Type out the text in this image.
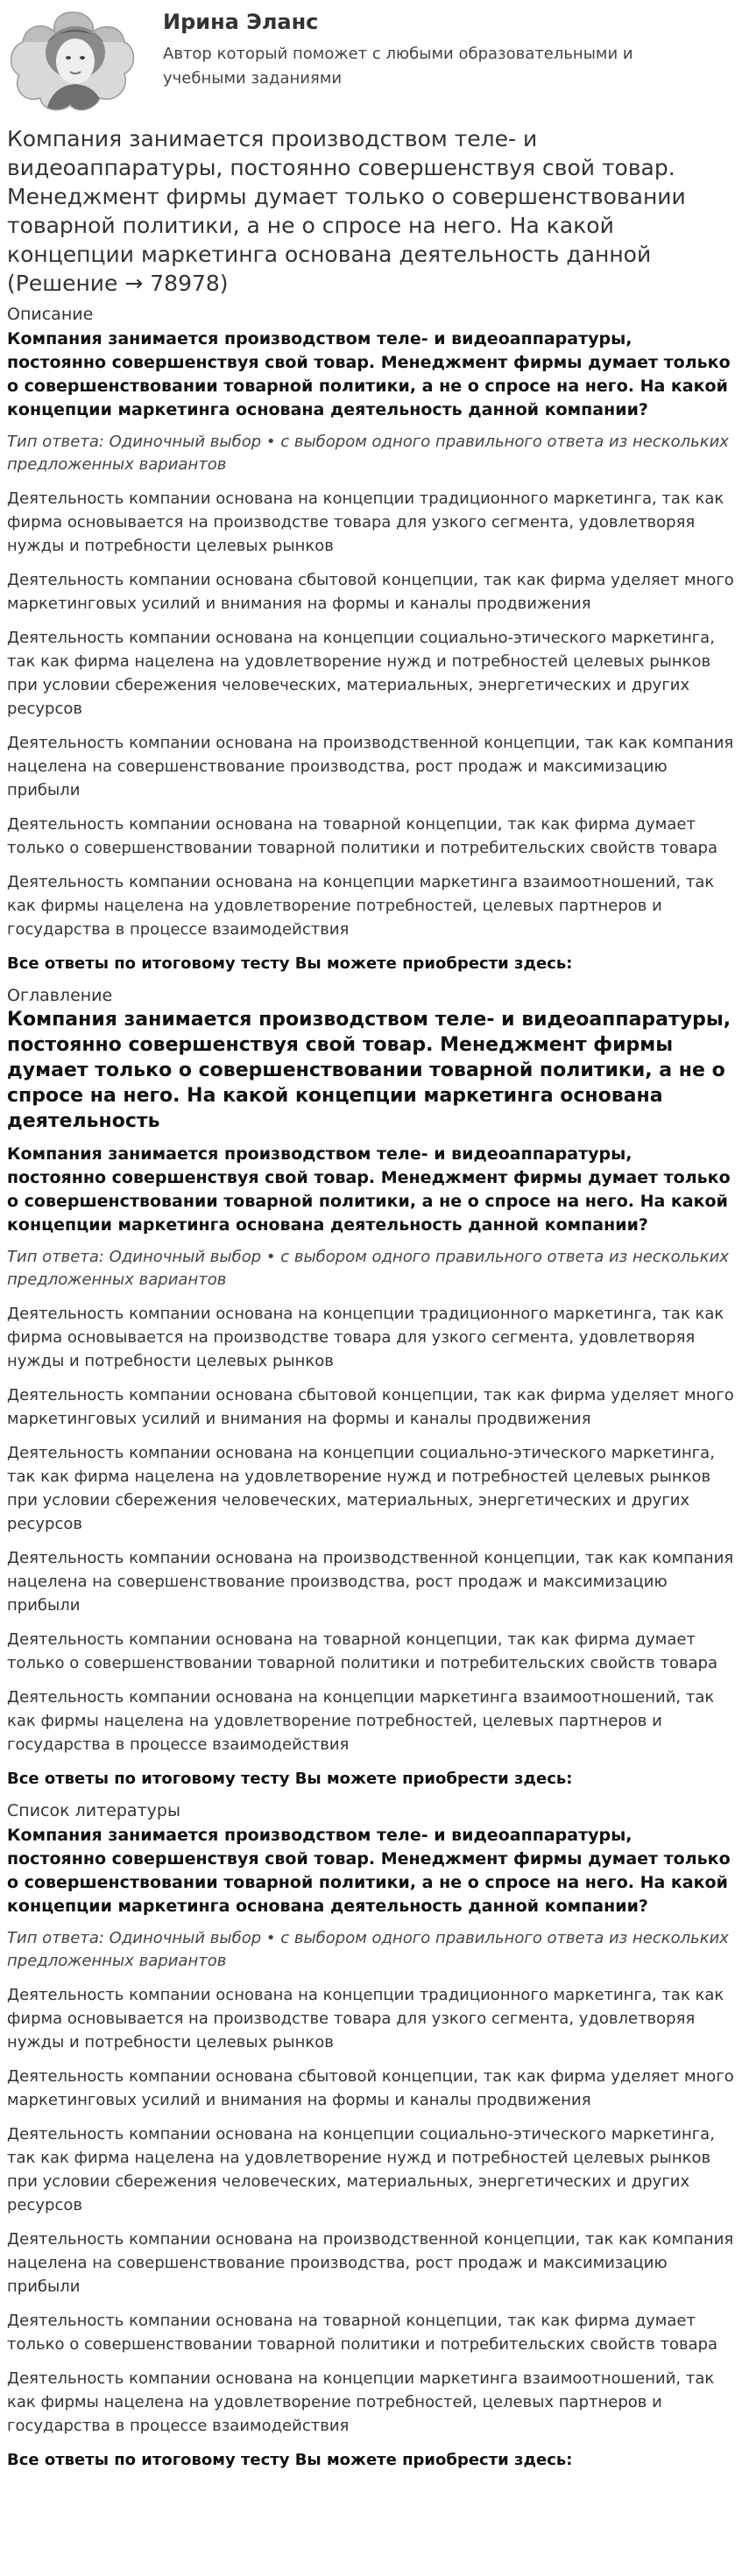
Ирина Эланс
Автор который поможет с любыми образовательными и учебными заданиями
Компания занимается производством теле- и видеоаппаратуры, постоянно совершенствуя свой товар. Менеджмент фирмы думает только о совершенствовании товарной политики, а не о спросе на него. На какой концепции маркетинга основана деятельность данной (Решение → 78978)
Описание
Компания занимается производством теле- и видеоаппаратуры, постоянно совершенствуя свой товар. Менеджмент фирмы думает только о совершенствовании товарной политики, а не о спросе на него. На какой концепции маркетинга основана деятельность данной компании?
Тип ответа: Одиночный выбор • с выбором одного правильного ответа из нескольких предложенных вариантов
Деятельность компании основана на концепции традиционного маркетинга, так как фирма основывается на производстве товара для узкого сегмента, удовлетворяя нужды и потребности целевых рынков
Деятельность компании основана сбытовой концепции, так как фирма уделяет много маркетинговых усилий и внимания на формы и каналы продвижения
Деятельность компании основана на концепции социально-этического маркетинга, так как фирма нацелена на удовлетворение нужд и потребностей целевых рынков при условии сбережения человеческих, материальных, энергетических и других ресурсов
Деятельность компании основана на производственной концепции, так как компания нацелена на совершенствование производства, рост продаж и максимизацию прибыли
Деятельность компании основана на товарной концепции, так как фирма думает только о совершенствовании товарной политики и потребительских свойств товара
Деятельность компании основана на концепции маркетинга взаимоотношений, так как фирмы нацелена на удовлетворение потребностей, целевых партнеров и государства в процессе взаимодействия
Все ответы по итоговому тесту Вы можете приобрести здесь:
Оглавление
Компания занимается производством теле- и видеоаппаратуры, постоянно совершенствуя свой товар. Менеджмент фирмы думает только о совершенствовании товарной политики, а не о спросе на него. На какой концепции маркетинга основана деятельность
Компания занимается производством теле- и видеоаппаратуры, постоянно совершенствуя свой товар. Менеджмент фирмы думает только о совершенствовании товарной политики, а не о спросе на него. На какой концепции маркетинга основана деятельность данной компании?
Тип ответа: Одиночный выбор • с выбором одного правильного ответа из нескольких предложенных вариантов
Деятельность компании основана на концепции традиционного маркетинга, так как фирма основывается на производстве товара для узкого сегмента, удовлетворяя нужды и потребности целевых рынков
Деятельность компании основана сбытовой концепции, так как фирма уделяет много маркетинговых усилий и внимания на формы и каналы продвижения
Деятельность компании основана на концепции социально-этического маркетинга, так как фирма нацелена на удовлетворение нужд и потребностей целевых рынков при условии сбережения человеческих, материальных, энергетических и других ресурсов
Деятельность компании основана на производственной концепции, так как компания нацелена на совершенствование производства, рост продаж и максимизацию прибыли
Деятельность компании основана на товарной концепции, так как фирма думает только о совершенствовании товарной политики и потребительских свойств товара
Деятельность компании основана на концепции маркетинга взаимоотношений, так как фирмы нацелена на удовлетворение потребностей, целевых партнеров и государства в процессе взаимодействия
Все ответы по итоговому тесту Вы можете приобрести здесь:
Список литературы
Компания занимается производством теле- и видеоаппаратуры, постоянно совершенствуя свой товар. Менеджмент фирмы думает только о совершенствовании товарной политики, а не о спросе на него. На какой концепции маркетинга основана деятельность данной компании?
Тип ответа: Одиночный выбор • с выбором одного правильного ответа из нескольких предложенных вариантов
Деятельность компании основана на концепции традиционного маркетинга, так как фирма основывается на производстве товара для узкого сегмента, удовлетворяя нужды и потребности целевых рынков
Деятельность компании основана сбытовой концепции, так как фирма уделяет много маркетинговых усилий и внимания на формы и каналы продвижения
Деятельность компании основана на концепции социально-этического маркетинга, так как фирма нацелена на удовлетворение нужд и потребностей целевых рынков при условии сбережения человеческих, материальных, энергетических и других ресурсов
Деятельность компании основана на производственной концепции, так как компания нацелена на совершенствование производства, рост продаж и максимизацию прибыли
Деятельность компании основана на товарной концепции, так как фирма думает только о совершенствовании товарной политики и потребительских свойств товара
Деятельность компании основана на концепции маркетинга взаимоотношений, так как фирмы нацелена на удовлетворение потребностей, целевых партнеров и государства в процессе взаимодействия
Все ответы по итоговому тесту Вы можете приобрести здесь:
